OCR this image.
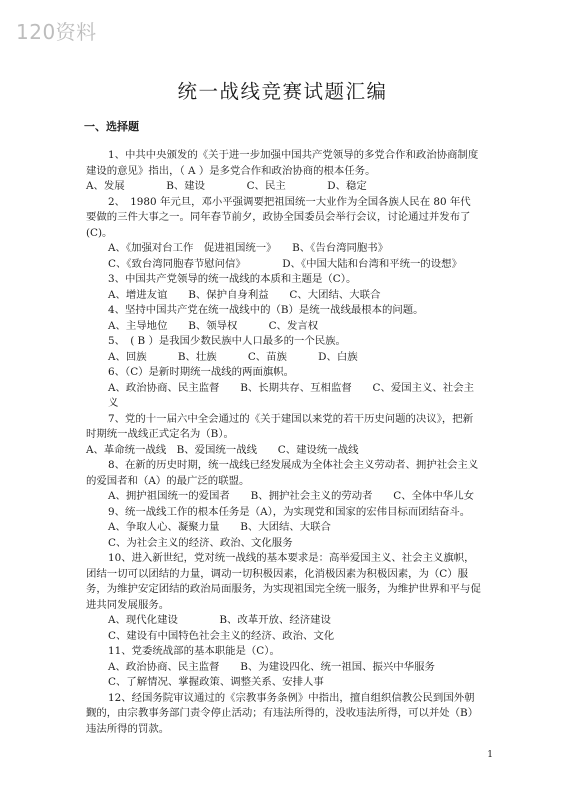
120资料
统一战线竞赛试题汇编
一、选择题

1、中共中央颁发的《关于进一步加强中国共产党领导的多党合作和政治协商制度建设的意见》指出，（ A ）是多党合作和政治协商的根本任务。

A、发展　　　　B、建设　　　　C、民主　　　　D、稳定

2、　1980 年元旦，邓小平强调要把祖国统一大业作为全国各族人民在 80 年代要做的三件大事之一。同年春节前夕，政协全国委员会举行会议，讨论通过并发布了(C)。

A、《加强对台工作　促进祖国统一》　　B、《告台湾同胞书》

C、《致台湾同胞春节慰问信》　　　　D、《中国大陆和台湾和平统一的设想》

3、中国共产党领导的统一战线的本质和主题是（C）。

A、增进友谊　　B、保护自身利益　　C、大团结、大联合

4、坚持中国共产党在统一战线中的（B）是统一战线最根本的问题。

A、主导地位　　B、领导权　　　C、发言权

5、　( B ）是我国少数民族中人口最多的一个民族。

A、回族　　　B、壮族　　　C、苗族　　　D、白族

6、（C）是新时期统一战线的两面旗帜。

A、政治协商、民主监督　　B、长期共存、互相监督　　C、爱国主义、社会主义

7、党的十一届六中全会通过的《关于建国以来党的若干历史问题的决议》，把新时期统一战线正式定名为（B）。

A、革命统一战线　B、爱国统一战线　　C、建设统一战线

8、在新的历史时期，统一战线已经发展成为全体社会主义劳动者、拥护社会主义的爱国者和（A）的最广泛的联盟。

A、拥护祖国统一的爱国者　　B、拥护社会主义的劳动者　　C、全体中华儿女

9、统一战线工作的根本任务是（A），为实现党和国家的宏伟目标而团结奋斗。

A、争取人心、凝聚力量　　B、大团结、大联合

C、为社会主义的经济、政治、文化服务

10、进入新世纪，党对统一战线的基本要求是：高举爱国主义、社会主义旗帜，团结一切可以团结的力量，调动一切积极因素，化消极因素为积极因素，为（C）服务，为维护安定团结的政治局面服务，为实现祖国完全统一服务，为维护世界和平与促进共同发展服务。

A、现代化建设　　　　B、改革开放、经济建设

C、建设有中国特色社会主义的经济、政治、文化

11、党委统战部的基本职能是（C）。

A、政治协商、民主监督　　B、为建设四化、统一祖国、振兴中华服务

C、了解情况、掌握政策、调整关系、安排人事

12、经国务院审议通过的《宗教事务条例》中指出，擅自组织信教公民到国外朝觐的，由宗教事务部门责令停止活动；有违法所得的，没收违法所得，可以并处（B）违法所得的罚款。

1
